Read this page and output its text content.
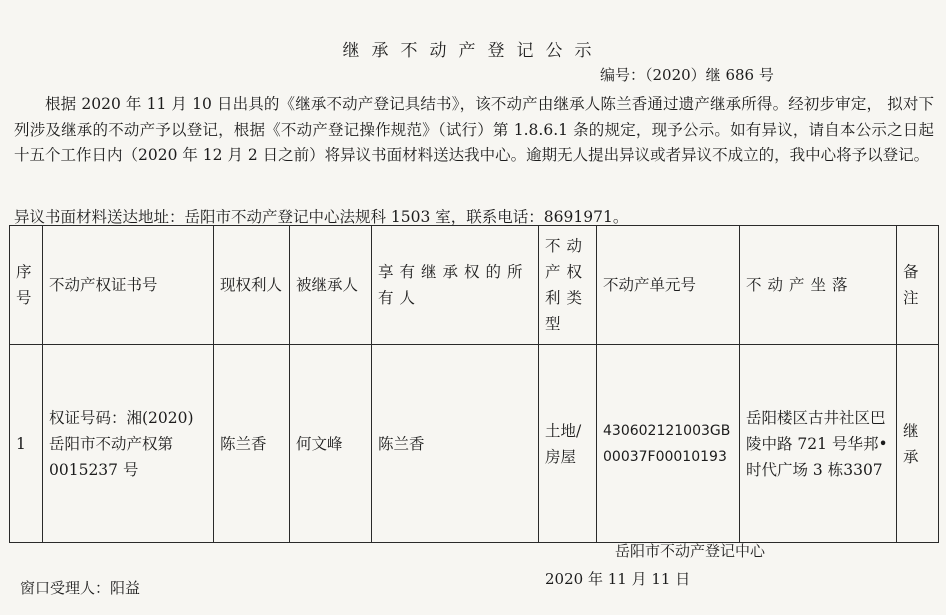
继承不动产登记公示
编号：（2020）继 686 号

根据 2020 年 11 月 10 日出具的《继承不动产登记具结书》，该不动产由继承人陈兰香通过遗产继承所得。经初步审定， 拟对下列涉及继承的不动产予以登记，根据《不动产登记操作规范》（试行）第 1.8.6.1 条的规定，现予公示。如有异议，请自本公示之日起十五个工作日内（2020 年 12 月 2 日之前）将异议书面材料送达我中心。逾期无人提出异议或者异议不成立的，我中心将予以登记。

异议书面材料送达地址：岳阳市不动产登记中心法规科 1503 室，联系电话：8691971。
序号	不动产权证书号	现权利人	被继承人	享有继承权的所有人	不动产权利类型	不动产单元号	不动产坐落	备注
1	权证号码：湘(2020)岳阳市不动产权第0015237 号	陈兰香	何文峰	陈兰香	土地/房屋	430602121003GB00037F00010193	岳阳楼区古井社区巴陵中路 721 号华邦•时代广场 3 栋3307	继承
岳阳市不动产登记中心
窗口受理人：阳益	2020 年 11 月 11 日
